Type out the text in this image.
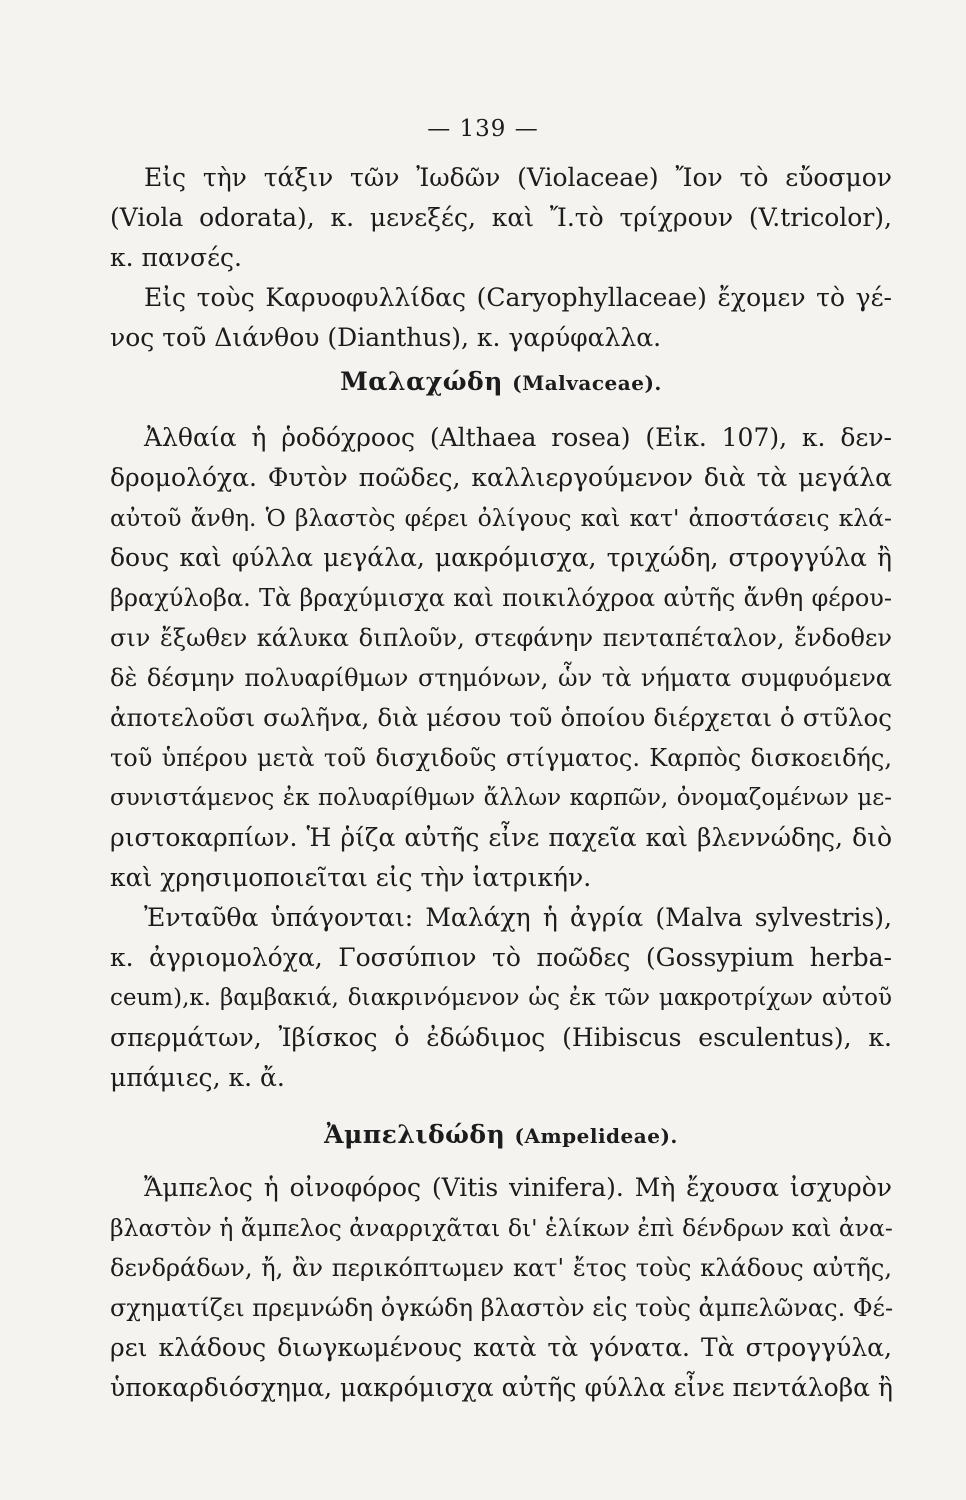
— 139 —
Εἰς τὴν τάξιν τῶν Ἰωδῶν (Violaceae) Ἴον τὸ εὔοσμον
(Viola odorata), κ. μενεξές, καὶ Ἴ.τὸ τρίχρουν (V.tricolor),
κ. πανσές.
Εἰς τοὺς Καρυοφυλλίδας (Caryophyllaceae) ἔχομεν τὸ γέ-
νος τοῦ Διάνθου (Dianthus), κ. γαρύφαλλα.
Μαλαχώδη (Malvaceae).
Ἀλθαία ἡ ῥοδόχροος (Althaea rosea) (Εἰκ. 107), κ. δεν-
δρομολόχα. Φυτὸν ποῶδες, καλλιεργούμενον διὰ τὰ μεγάλα
αὐτοῦ ἄνθη. Ὁ βλαστὸς φέρει ὀλίγους καὶ κατ' ἀποστάσεις κλά-
δους καὶ φύλλα μεγάλα, μακρόμισχα, τριχώδη, στρογγύλα ἢ
βραχύλοβα. Τὰ βραχύμισχα καὶ ποικιλόχροα αὐτῆς ἄνθη φέρου-
σιν ἔξωθεν κάλυκα διπλοῦν, στεφάνην πενταπέταλον, ἔνδοθεν
δὲ δέσμην πολυαρίθμων στημόνων, ὧν τὰ νήματα συμφυόμενα
ἀποτελοῦσι σωλῆνα, διὰ μέσου τοῦ ὁποίου διέρχεται ὁ στῦλος
τοῦ ὑπέρου μετὰ τοῦ δισχιδοῦς στίγματος. Καρπὸς δισκοειδής,
συνιστάμενος ἐκ πολυαρίθμων ἄλλων καρπῶν, ὀνομαζομένων με-
ριστοκαρπίων. Ἡ ῥίζα αὐτῆς εἶνε παχεῖα καὶ βλεννώδης, διὸ
καὶ χρησιμοποιεῖται εἰς τὴν ἰατρικήν.
Ἐνταῦθα ὑπάγονται: Μαλάχη ἡ ἀγρία (Malva sylvestris),
κ. ἀγριομολόχα, Γοσσύπιον τὸ ποῶδες (Gossypium herba-
ceum),κ. βαμβακιά, διακρινόμενον ὡς ἐκ τῶν μακροτρίχων αὐτοῦ
σπερμάτων, Ἰβίσκος ὁ ἐδώδιμος (Hibiscus esculentus), κ.
μπάμιες, κ. ἄ.
Ἀμπελιδώδη (Ampelideae).
Ἄμπελος ἡ οἰνοφόρος (Vitis vinifera). Μὴ ἔχουσα ἰσχυρὸν
βλαστὸν ἡ ἄμπελος ἀναρριχᾶται δι' ἑλίκων ἐπὶ δένδρων καὶ ἀνα-
δενδράδων, ἤ, ἂν περικόπτωμεν κατ' ἔτος τοὺς κλάδους αὐτῆς,
σχηματίζει πρεμνώδη ὀγκώδη βλαστὸν εἰς τοὺς ἀμπελῶνας. Φέ-
ρει κλάδους διωγκωμένους κατὰ τὰ γόνατα. Τὰ στρογγύλα,
ὑποκαρδιόσχημα, μακρόμισχα αὐτῆς φύλλα εἶνε πεντάλοβα ἢ
